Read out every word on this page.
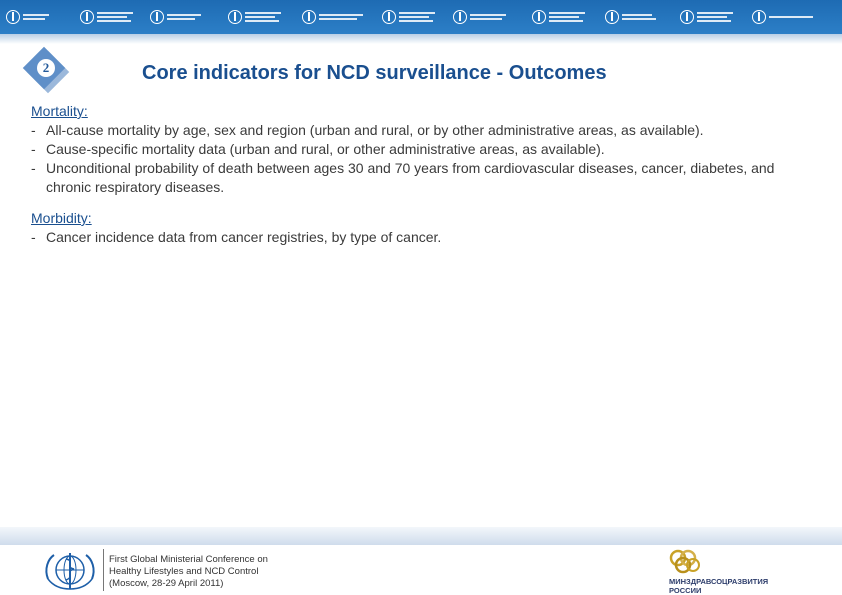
2	Core indicators for NCD surveillance - Outcomes
Mortality:
- All-cause mortality by age, sex and region (urban and rural, or by other administrative areas, as available).
- Cause-specific mortality data (urban and rural, or other administrative areas, as available).
- Unconditional probability of death between ages 30 and 70 years from cardiovascular diseases, cancer, diabetes, and chronic respiratory diseases.
Morbidity:
- Cancer incidence data from cancer registries, by type of cancer.
First Global Ministerial Conference on
Healthy Lifestyles and NCD Control
(Moscow, 28-29 April 2011)	МИНЗДРАВСОЦРАЗВИТИЯ
РОССИИ
